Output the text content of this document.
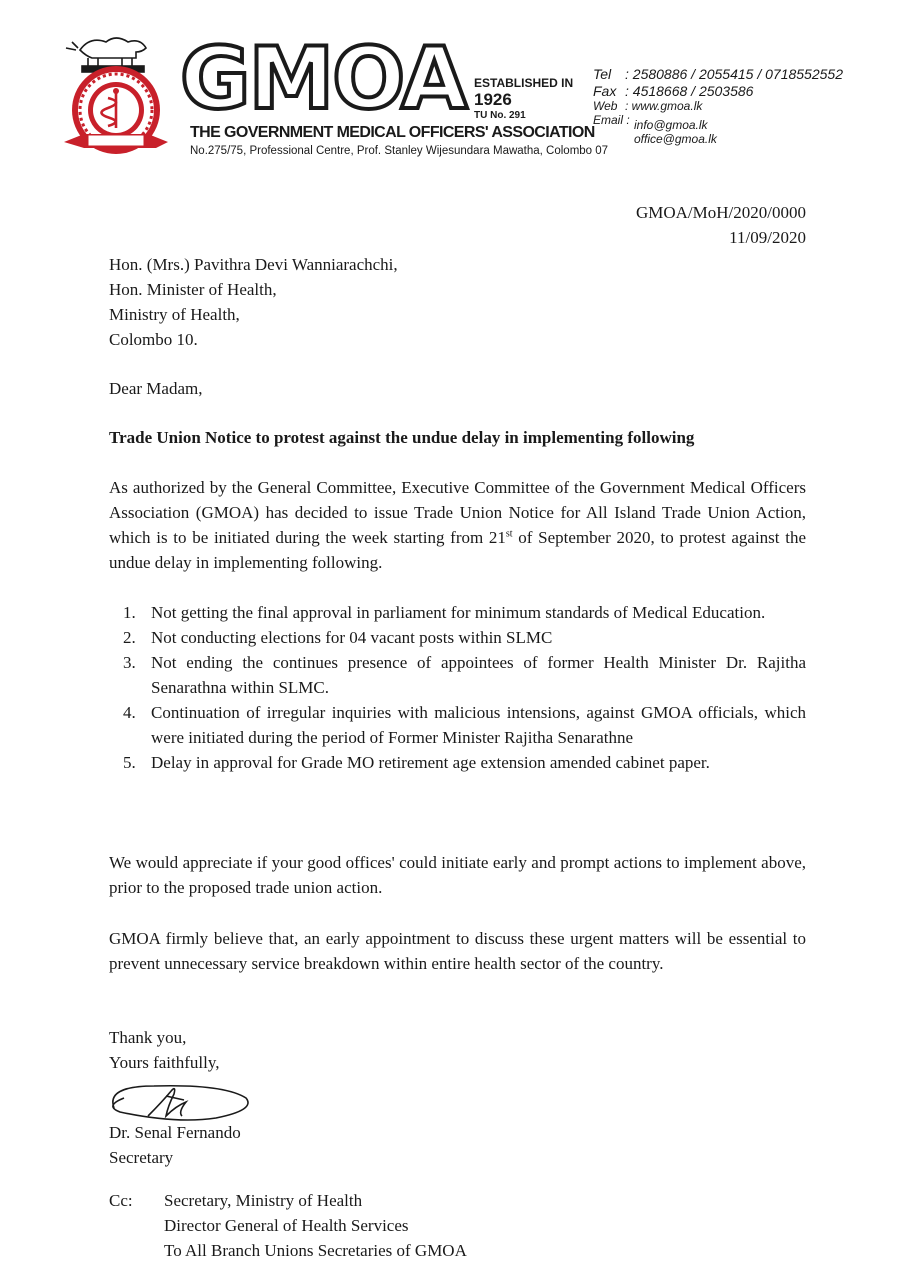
GMOA ESTABLISHED IN
1926
TU No. 291
THE GOVERNMENT MEDICAL OFFICERS' ASSOCIATION
No.275/75, Professional Centre, Prof. Stanley Wijesundara Mawatha, Colombo 07
Tel : 2580886 / 2055415 / 0718552552
Fax : 4518668 / 2503586
Web : www.gmoa.lk
Email : info@gmoa.lk
office@gmoa.lk
GMOA/MoH/2020/0000
11/09/2020
Hon. (Mrs.) Pavithra Devi Wanniarachchi,
Hon. Minister of Health,
Ministry of Health,
Colombo 10.
Dear Madam,
Trade Union Notice to protest against the undue delay in implementing following
As authorized by the General Committee, Executive Committee of the Government Medical Officers Association (GMOA) has decided to issue Trade Union Notice for All Island Trade Union Action, which is to be initiated during the week starting from 21st of September 2020, to protest against the undue delay in implementing following.
1. Not getting the final approval in parliament for minimum standards of Medical Education.
2. Not conducting elections for 04 vacant posts within SLMC
3. Not ending the continues presence of appointees of former Health Minister Dr. Rajitha Senarathna within SLMC.
4. Continuation of irregular inquiries with malicious intensions, against GMOA officials, which were initiated during the period of Former Minister Rajitha Senarathne
5. Delay in approval for Grade MO retirement age extension amended cabinet paper.
We would appreciate if your good offices' could initiate early and prompt actions to implement above, prior to the proposed trade union action.
GMOA firmly believe that, an early appointment to discuss these urgent matters will be essential to prevent unnecessary service breakdown within entire health sector of the country.
Thank you,
Yours faithfully,
Dr. Senal Fernando
Secretary
Cc: Secretary, Ministry of Health
Director General of Health Services
To All Branch Unions Secretaries of GMOA
